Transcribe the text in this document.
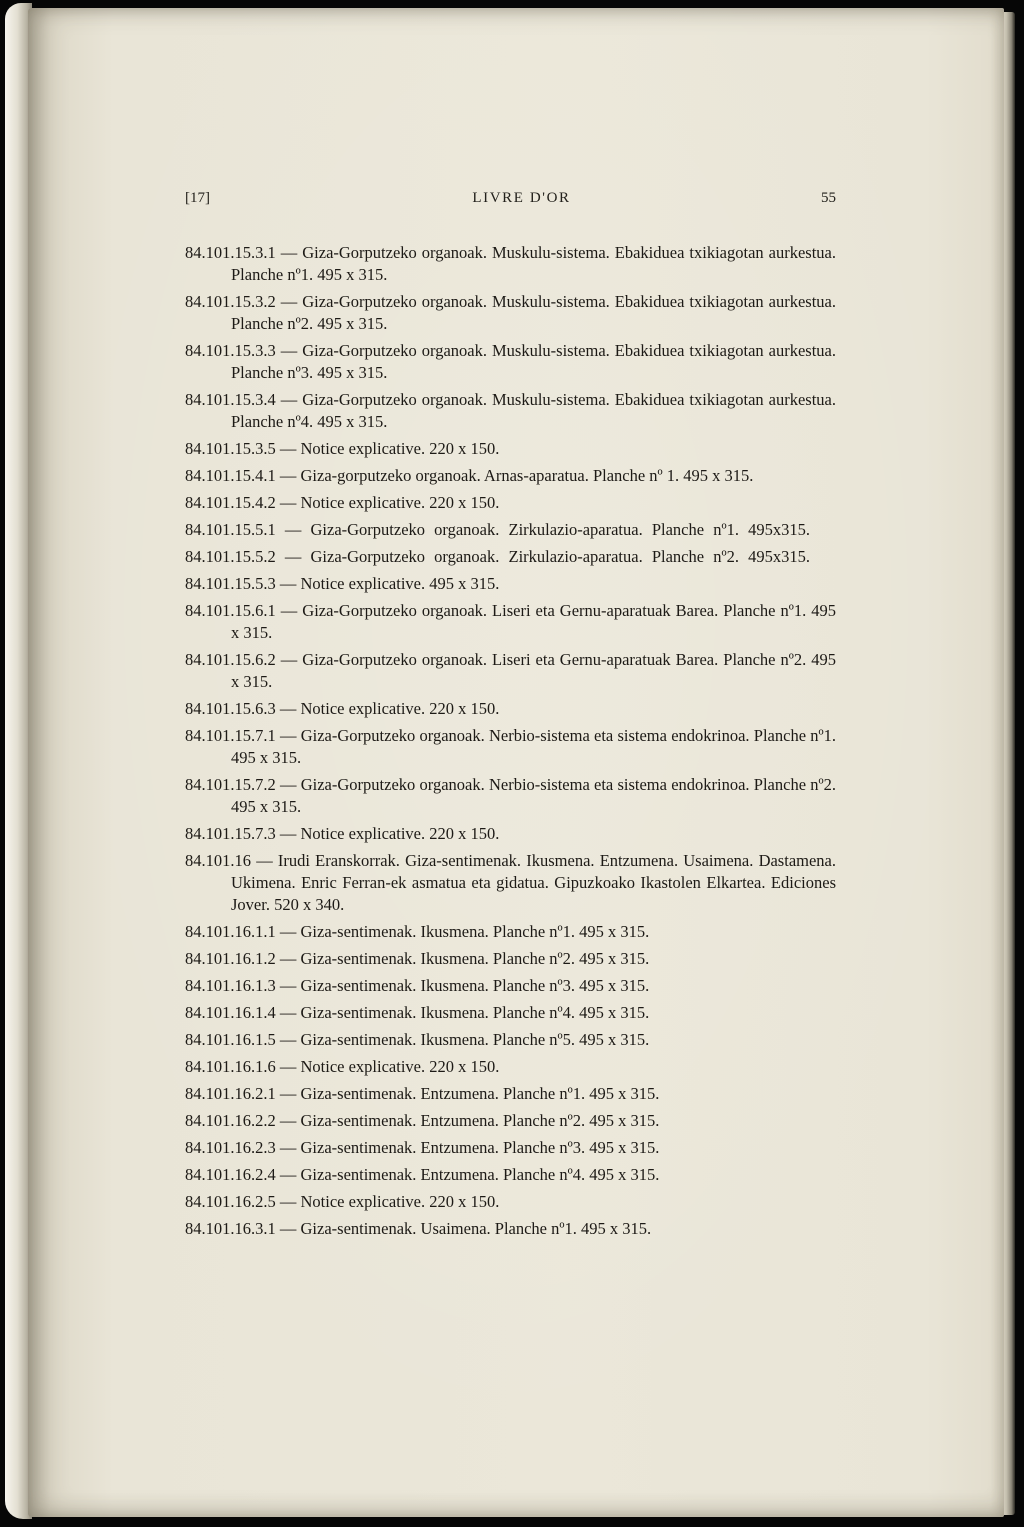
[17]	LIVRE D'OR	55

84.101.15.3.1 — Giza-Gorputzeko organoak. Muskulu-sistema. Ebakiduea txikiagotan aurkestua. Planche nº1. 495 x 315.

84.101.15.3.2 — Giza-Gorputzeko organoak. Muskulu-sistema. Ebakiduea txikiagotan aurkestua. Planche nº2. 495 x 315.

84.101.15.3.3 — Giza-Gorputzeko organoak. Muskulu-sistema. Ebakiduea txikiagotan aurkestua. Planche nº3. 495 x 315.

84.101.15.3.4 — Giza-Gorputzeko organoak. Muskulu-sistema. Ebakiduea txikiagotan aurkestua. Planche nº4. 495 x 315.

84.101.15.3.5 — Notice explicative. 220 x 150.

84.101.15.4.1 — Giza-gorputzeko organoak. Arnas-aparatua. Planche nº 1. 495 x 315.

84.101.15.4.2 — Notice explicative. 220 x 150.

84.101.15.5.1 — Giza-Gorputzeko organoak. Zirkulazio-aparatua. Planche nº1. 495x315.

84.101.15.5.2 — Giza-Gorputzeko organoak. Zirkulazio-aparatua. Planche nº2. 495x315.

84.101.15.5.3 — Notice explicative. 495 x 315.

84.101.15.6.1 — Giza-Gorputzeko organoak. Liseri eta Gernu-aparatuak Barea. Planche nº1. 495 x 315.

84.101.15.6.2 — Giza-Gorputzeko organoak. Liseri eta Gernu-aparatuak Barea. Planche nº2. 495 x 315.

84.101.15.6.3 — Notice explicative. 220 x 150.

84.101.15.7.1 — Giza-Gorputzeko organoak. Nerbio-sistema eta sistema endokrinoa. Planche nº1. 495 x 315.

84.101.15.7.2 — Giza-Gorputzeko organoak. Nerbio-sistema eta sistema endokrinoa. Planche nº2. 495 x 315.

84.101.15.7.3 — Notice explicative. 220 x 150.

84.101.16 — Irudi Eranskorrak. Giza-sentimenak. Ikusmena. Entzumena. Usaimena. Dastamena. Ukimena. Enric Ferran-ek asmatua eta gidatua. Gipuzkoako Ikastolen Elkartea. Ediciones Jover. 520 x 340.

84.101.16.1.1 — Giza-sentimenak. Ikusmena. Planche nº1. 495 x 315.

84.101.16.1.2 — Giza-sentimenak. Ikusmena. Planche nº2. 495 x 315.

84.101.16.1.3 — Giza-sentimenak. Ikusmena. Planche nº3. 495 x 315.

84.101.16.1.4 — Giza-sentimenak. Ikusmena. Planche nº4. 495 x 315.

84.101.16.1.5 — Giza-sentimenak. Ikusmena. Planche nº5. 495 x 315.

84.101.16.1.6 — Notice explicative. 220 x 150.

84.101.16.2.1 — Giza-sentimenak. Entzumena. Planche nº1. 495 x 315.

84.101.16.2.2 — Giza-sentimenak. Entzumena. Planche nº2. 495 x 315.

84.101.16.2.3 — Giza-sentimenak. Entzumena. Planche nº3. 495 x 315.

84.101.16.2.4 — Giza-sentimenak. Entzumena. Planche nº4. 495 x 315.

84.101.16.2.5 — Notice explicative. 220 x 150.

84.101.16.3.1 — Giza-sentimenak. Usaimena. Planche nº1. 495 x 315.
